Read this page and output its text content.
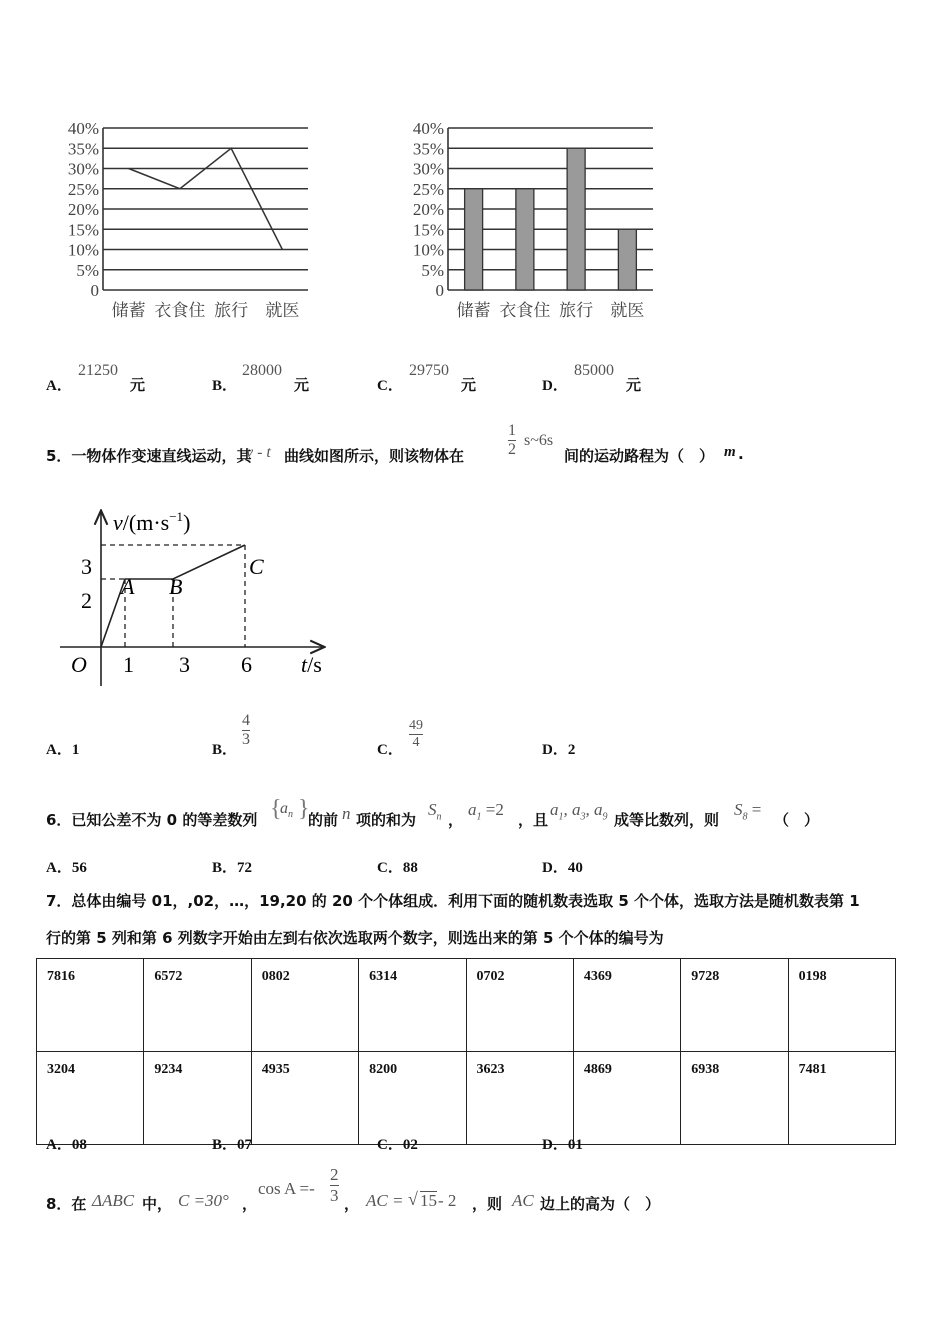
40%
35%
30%
25%
20%
15%
10%
5%
0
储蓄 衣食住 旅行 就医
40%
35%
30%
25%
20%
15%
10%
5%
0
储蓄 衣食住 旅行 就医
A．
21250
元	B．
28000
元	C．
29750
元	D．
85000
元
5．一物体作变速直线运动，其
v - t 曲线如图所示，则该物体在
1
2
s~6s
间的运动路程为（　） m .
$v/(m\cdot s^{-1})$
t/s
O
A B
C
2
3
1 3 6
A．1	B．
4
3
C．
49
4	D．2
6．已知公差不为 0 的等差数列 {
$a_n$ }
的前 n 项的和为
$S_n$ ，
$a_1 =2$
，且
$a_1$, $a_3$, $a_9$ 成等比数列，则
$S_8$ =
（　）
A．56	B．72	C．88	D．40
7．总体由编号 01，,02，…，19,20 的 20 个个体组成．利用下面的随机数表选取 5 个个体，选取方法是随机数表第 1
行的第 5 列和第 6 列数字开始由左到右依次选取两个数字，则选出来的第 5 个个体的编号为
7816	6572	0802	6314	0702	4369	9728	0198
3204	9234	4935	8200	3623	4869	6938	7481
A．08	B．07	C．02	D．01
8．在 ΔABC 中， C =30° ，
cos A =-
2
3 ， AC = √ 15 - 2 ，则 AC 边上的高为（　）
